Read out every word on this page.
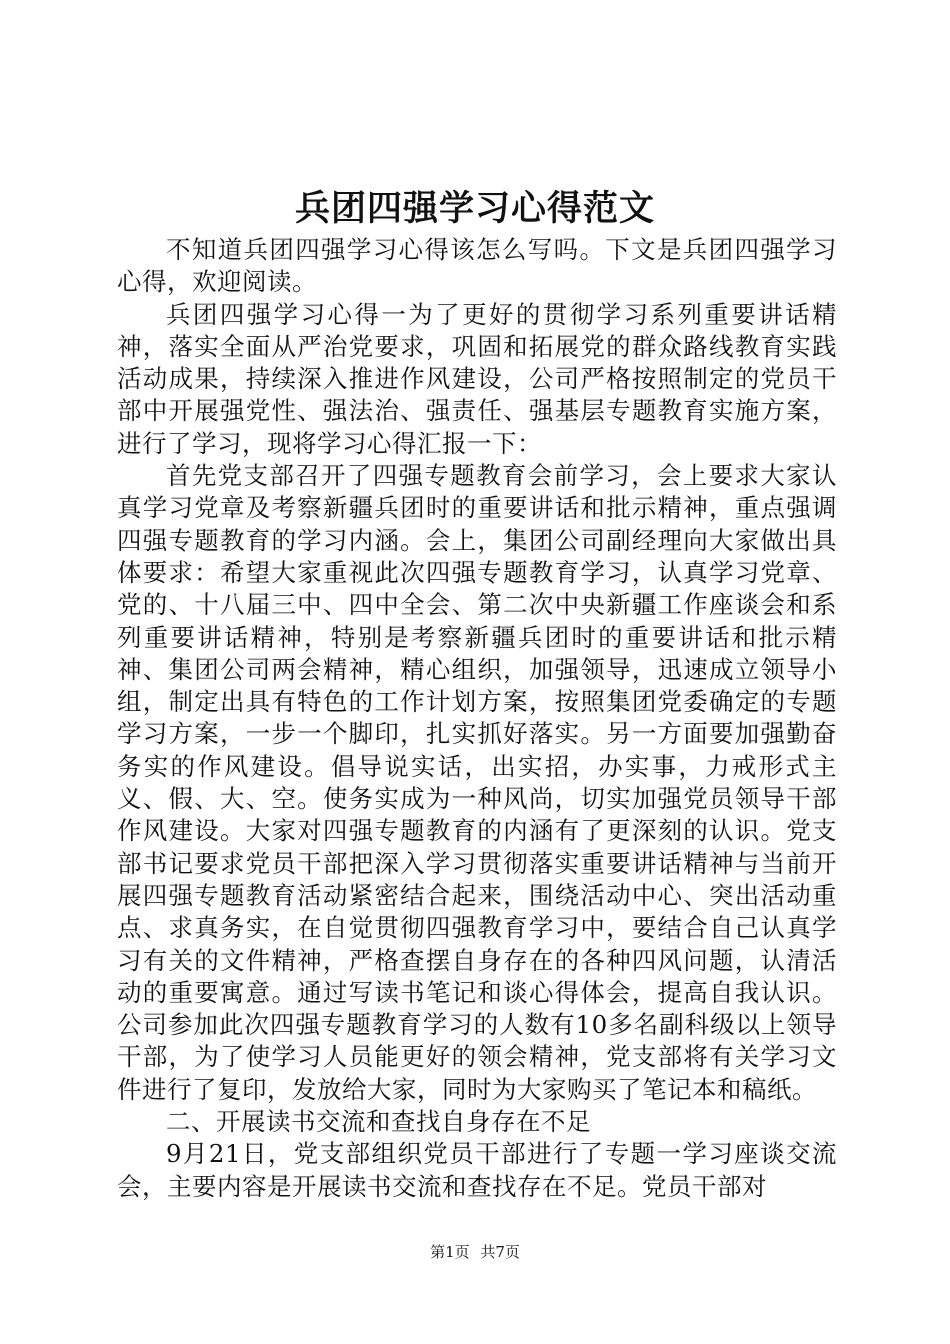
兵团四强学习心得范文

不知道兵团四强学习心得该怎么写吗。下文是兵团四强学习心得，欢迎阅读。

兵团四强学习心得一为了更好的贯彻学习系列重要讲话精神，落实全面从严治党要求，巩固和拓展党的群众路线教育实践活动成果，持续深入推进作风建设，公司严格按照制定的党员干部中开展强党性、强法治、强责任、强基层专题教育实施方案，进行了学习，现将学习心得汇报一下：

首先党支部召开了四强专题教育会前学习，会上要求大家认真学习党章及考察新疆兵团时的重要讲话和批示精神，重点强调四强专题教育的学习内涵。会上，集团公司副经理向大家做出具体要求：希望大家重视此次四强专题教育学习，认真学习党章、党的、十八届三中、四中全会、第二次中央新疆工作座谈会和系列重要讲话精神，特别是考察新疆兵团时的重要讲话和批示精神、集团公司两会精神，精心组织，加强领导，迅速成立领导小组，制定出具有特色的工作计划方案，按照集团党委确定的专题学习方案，一步一个脚印，扎实抓好落实。另一方面要加强勤奋务实的作风建设。倡导说实话，出实招，办实事，力戒形式主义、假、大、空。使务实成为一种风尚，切实加强党员领导干部作风建设。大家对四强专题教育的内涵有了更深刻的认识。党支部书记要求党员干部把深入学习贯彻落实重要讲话精神与当前开展四强专题教育活动紧密结合起来，围绕活动中心、突出活动重点、求真务实，在自觉贯彻四强教育学习中，要结合自己认真学习有关的文件精神，严格查摆自身存在的各种四风问题，认清活动的重要寓意。通过写读书笔记和谈心得体会，提高自我认识。公司参加此次四强专题教育学习的人数有10多名副科级以上领导干部，为了使学习人员能更好的领会精神，党支部将有关学习文件进行了复印，发放给大家，同时为大家购买了笔记本和稿纸。

二、开展读书交流和查找自身存在不足

9月21日，党支部组织党员干部进行了专题一学习座谈交流会，主要内容是开展读书交流和查找存在不足。党员干部对

第1页 共7页
